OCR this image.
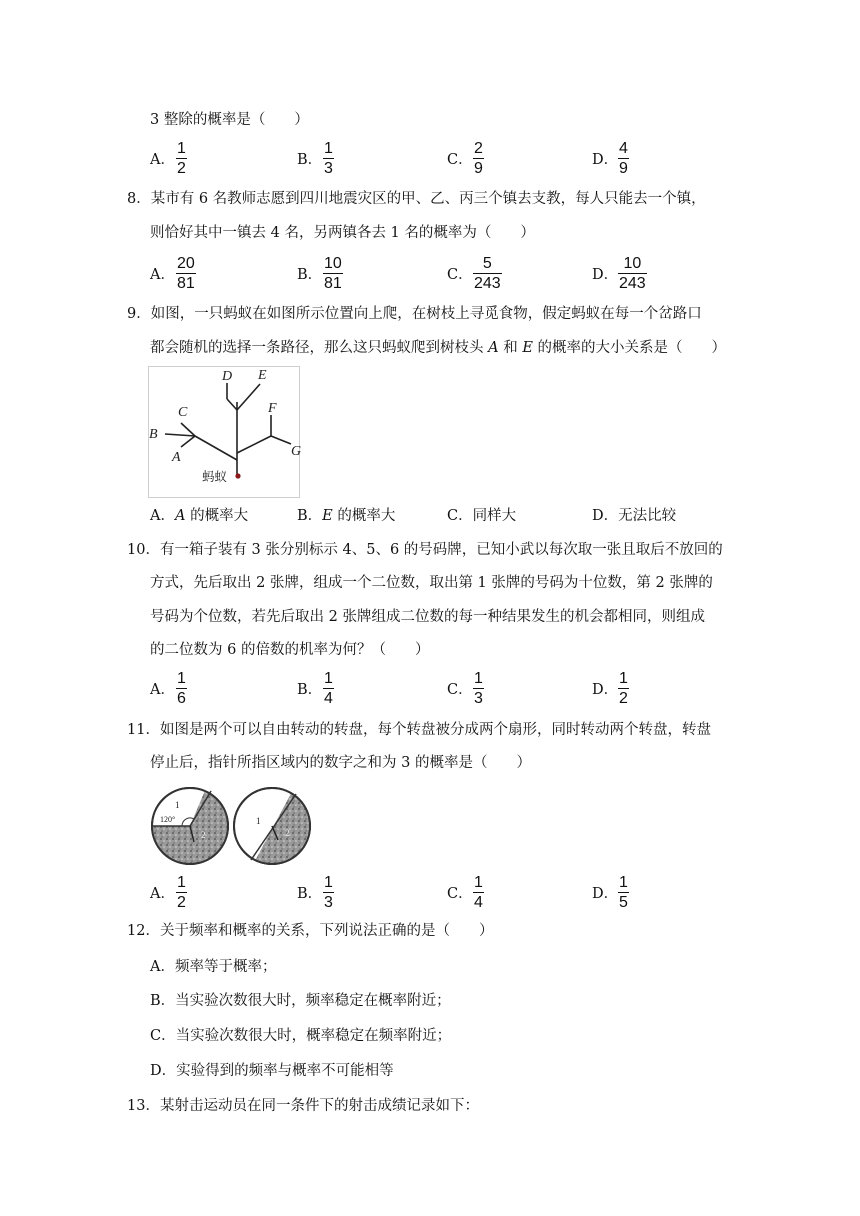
3 整除的概率是（　　）
A．
1
2	B．
1
3	C．
2
9	D．
4
9
8．某市有 6 名教师志愿到四川地震灾区的甲、乙、丙三个镇去支教，每人只能去一个镇，
则恰好其中一镇去 4 名，另两镇各去 1 名的概率为（　　）
A．
20
81	B．
10
81	C．
5
243	D．
10
243
9．如图，一只蚂蚁在如图所示位置向上爬，在树枝上寻觅食物，假定蚂蚁在每一个岔路口
都会随机的选择一条路径，那么这只蚂蚁爬到树枝头 A 和 E 的概率的大小关系是（　　）
D E
C
B
A
F
G
蚂蚁
A．A 的概率大	B．E 的概率大	C．同样大	D．无法比较
10．有一箱子装有 3 张分别标示 4、5、6 的号码牌，已知小武以每次取一张且取后不放回的
方式，先后取出 2 张牌，组成一个二位数，取出第 1 张牌的号码为十位数，第 2 张牌的
号码为个位数，若先后取出 2 张牌组成二位数的每一种结果发生的机会都相同，则组成
的二位数为 6 的倍数的机率为何？（　　）
A．
1
6	B．
1
4	C．
1
3	D．
1
2
11．如图是两个可以自由转动的转盘，每个转盘被分成两个扇形，同时转动两个转盘，转盘
停止后，指针所指区域内的数字之和为 3 的概率是（　　）
1
120°
2
1
2
A．
1
2	B．
1
3	C．
1
4	D．
1
5
12．关于频率和概率的关系，下列说法正确的是（　　）
A．频率等于概率；
B．当实验次数很大时，频率稳定在概率附近；
C．当实验次数很大时，概率稳定在频率附近；
D．实验得到的频率与概率不可能相等
13．某射击运动员在同一条件下的射击成绩记录如下：
